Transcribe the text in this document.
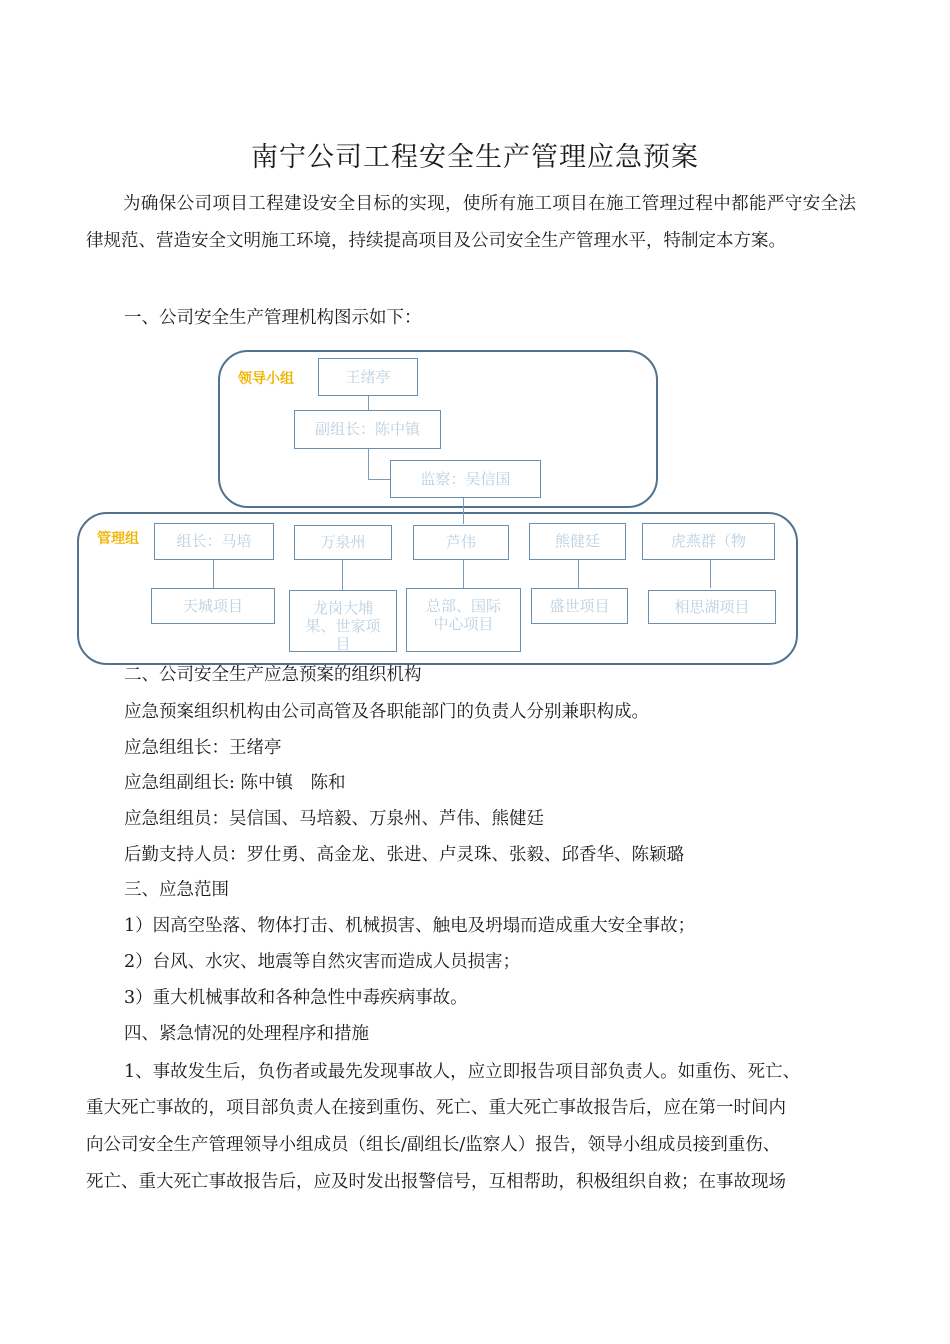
南宁公司工程安全生产管理应急预案
为确保公司项目工程建设安全目标的实现，使所有施工项目在施工管理过程中都能严守安全法律规范、营造安全文明施工环境，持续提高项目及公司安全生产管理水平，特制定本方案。
一、公司安全生产管理机构图示如下：
领导小组
管理组
王绪亭
副组长：陈中镇
监察：吴信国
组长：马培	万泉州	芦伟	熊健廷	虎燕群（物
天城项目	龙岗大埔果、世家项目
总部、国际中心项目
盛世项目	相思湖项目
二、公司安全生产应急预案的组织机构
应急预案组织机构由公司高管及各职能部门的负责人分别兼职构成。
应急组组长：王绪亭
应急组副组长: 陈中镇　陈和
应急组组员：吴信国、马培毅、万泉州、芦伟、熊健廷
后勤支持人员：罗仕勇、高金龙、张进、卢灵珠、张毅、邱香华、陈颖璐
三、应急范围
1）因高空坠落、物体打击、机械损害、触电及坍塌而造成重大安全事故；
2）台风、水灾、地震等自然灾害而造成人员损害；
3）重大机械事故和各种急性中毒疾病事故。
四、紧急情况的处理程序和措施
1、事故发生后，负伤者或最先发现事故人，应立即报告项目部负责人。如重伤、死亡、
重大死亡事故的，项目部负责人在接到重伤、死亡、重大死亡事故报告后，应在第一时间内
向公司安全生产管理领导小组成员（组长/副组长/监察人）报告，领导小组成员接到重伤、
死亡、重大死亡事故报告后，应及时发出报警信号，互相帮助，积极组织自救；在事故现场
